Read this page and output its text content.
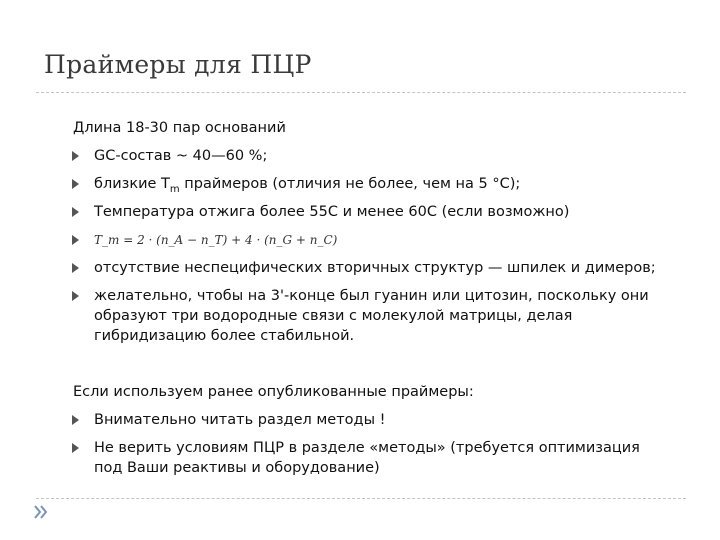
Праймеры для ПЦР
Длина 18-30 пар оснований
GC-состав ~ 40—60 %;
близкие $T_m$ праймеров (отличия не более, чем на 5 °C);
Температура отжига более 55С и менее 60С (если возможно)
T_m = 2 · (n_A − n_T) + 4 · (n_G + n_C)
отсутствие неспецифических вторичных структур — шпилек и димеров;
желательно, чтобы на 3'-конце был гуанин или цитозин, поскольку они образуют три водородные связи с молекулой матрицы, делая гибридизацию более стабильной.
Если используем ранее опубликованные праймеры:
Внимательно читать раздел методы !
Не верить условиям ПЦР в разделе «методы» (требуется оптимизация под Ваши реактивы и оборудование)
